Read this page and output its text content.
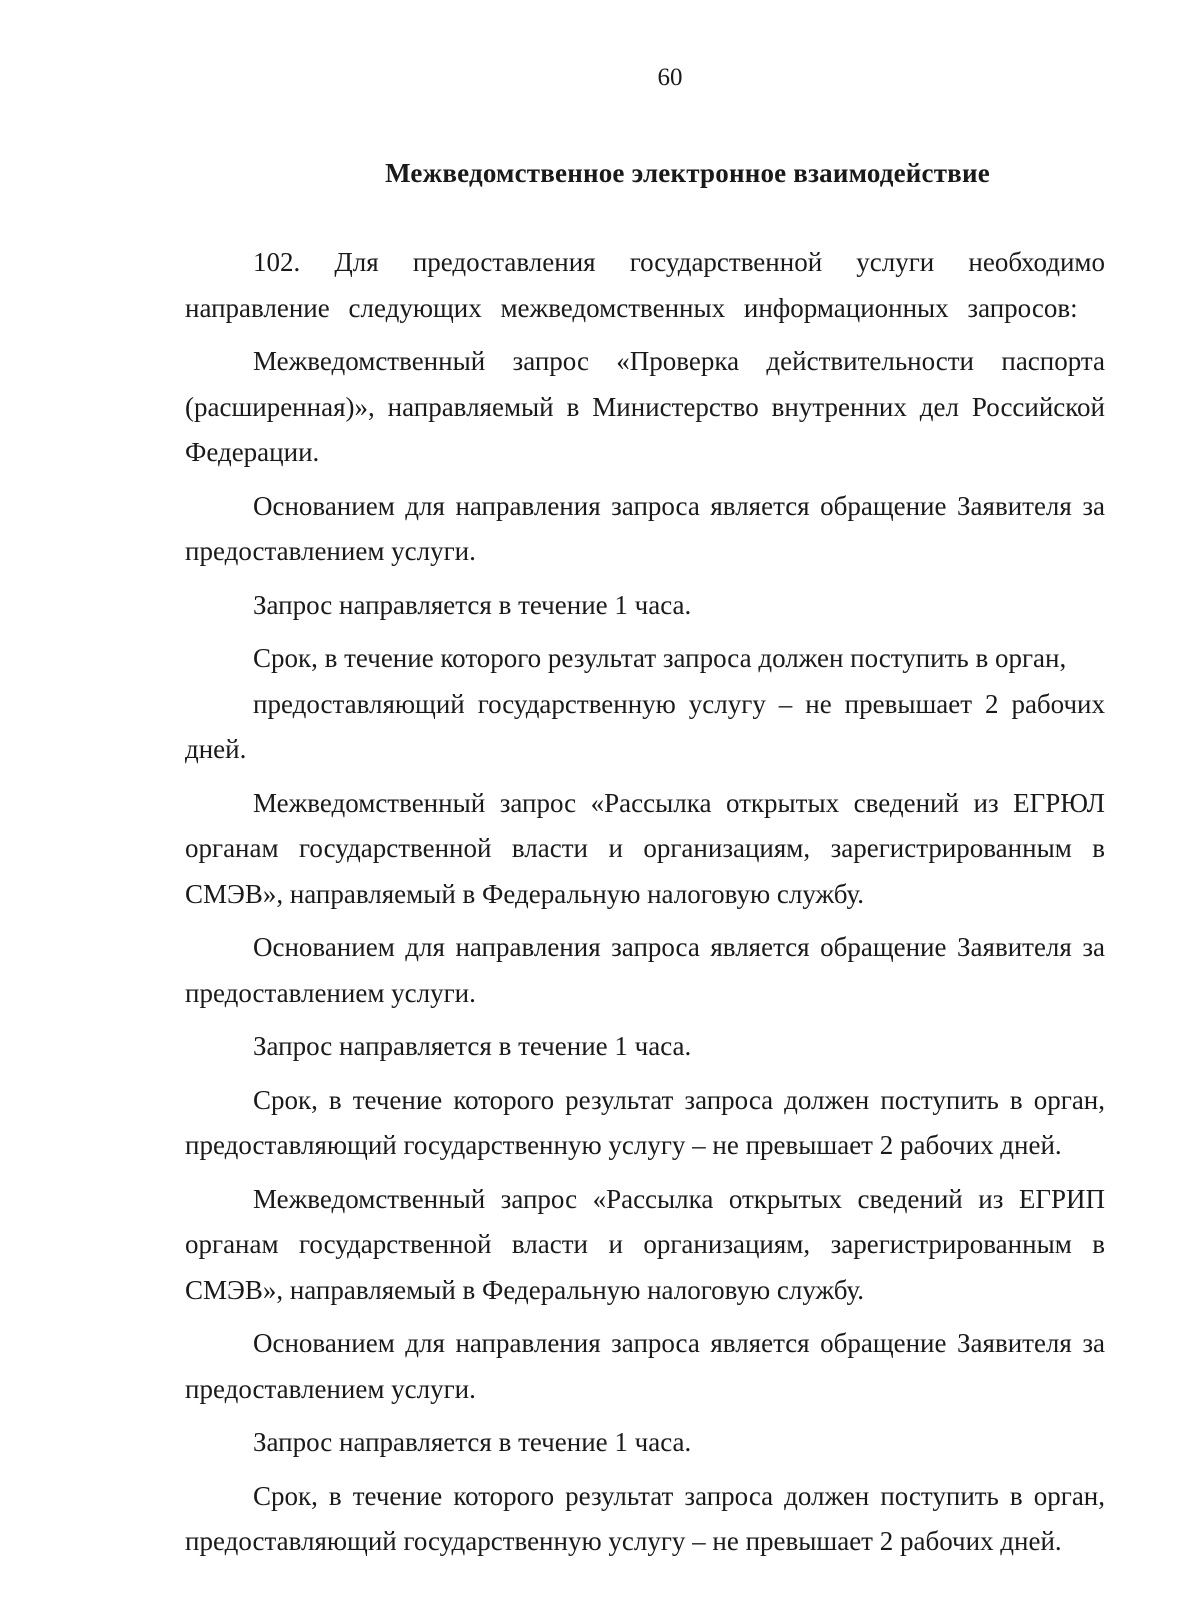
60
Межведомственное электронное взаимодействие

102. Для предоставления государственной услуги необходимо направление следующих межведомственных информационных запросов:

Межведомственный запрос «Проверка действительности паспорта (расширенная)», направляемый в Министерство внутренних дел Российской Федерации.

Основанием для направления запроса является обращение Заявителя за предоставлением услуги.

Запрос направляется в течение 1 часа.

Срок, в течение которого результат запроса должен поступить в орган,

предоставляющий государственную услугу – не превышает 2 рабочих дней.

Межведомственный запрос «Рассылка открытых сведений из ЕГРЮЛ органам государственной власти и организациям, зарегистрированным в СМЭВ», направляемый в Федеральную налоговую службу.

Основанием для направления запроса является обращение Заявителя за предоставлением услуги.

Запрос направляется в течение 1 часа.

Срок, в течение которого результат запроса должен поступить в орган, предоставляющий государственную услугу – не превышает 2 рабочих дней.

Межведомственный запрос «Рассылка открытых сведений из ЕГРИП органам государственной власти и организациям, зарегистрированным в СМЭВ», направляемый в Федеральную налоговую службу.

Основанием для направления запроса является обращение Заявителя за предоставлением услуги.

Запрос направляется в течение 1 часа.

Срок, в течение которого результат запроса должен поступить в орган, предоставляющий государственную услугу – не превышает 2 рабочих дней.
